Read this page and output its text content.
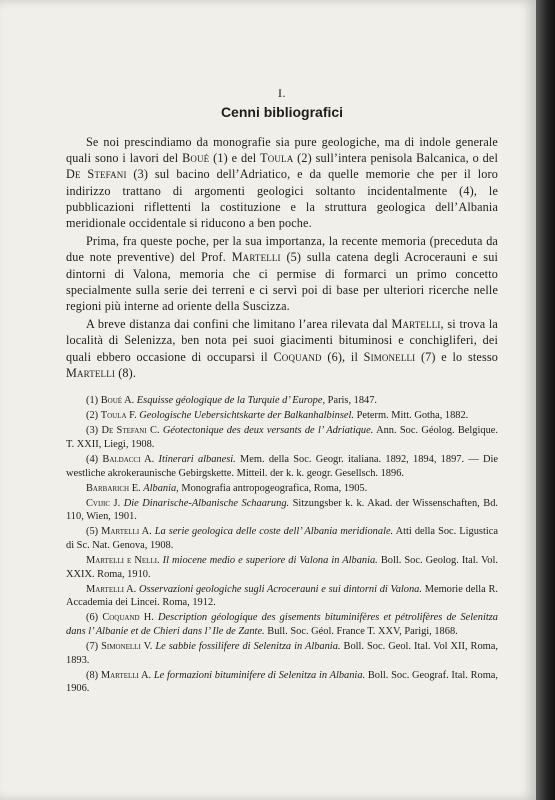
I.
Cenni bibliografici

Se noi prescindiamo da monografie sia pure geologiche, ma di indole generale quali sono i lavori del Boué (1) e del Toula (2) sull’intera penisola Balcanica, o del De Stefani (3) sul bacino dell’Adriatico, e da quelle memorie che per il loro indirizzo trattano di argomenti geologici soltanto incidentalmente (4), le pubblicazioni riflettenti la costituzione e la struttura geologica dell’Albania meridionale occidentale si riducono a ben poche.

Prima, fra queste poche, per la sua importanza, la recente memoria (preceduta da due note preventive) del Prof. Martelli (5) sulla catena degli Acrocerauni e sui dintorni di Valona, memoria che ci permise di formarci un primo concetto specialmente sulla serie dei terreni e ci servì poi di base per ulteriori ricerche nelle regioni più interne ad oriente della Suscizza.

A breve distanza dai confini che limitano l’area rilevata dal Martelli, si trova la località di Selenizza, ben nota pei suoi giacimenti bituminosi e conchigliferi, dei quali ebbero occasione di occuparsi il Coquand (6), il Simonelli (7) e lo stesso Martelli (8).

(1) Boué A. Esquisse géologique de la Turquie d’ Europe, Paris, 1847.
(2) Toula F. Geologische Uebersichtskarte der Balkanhalbinsel. Peterm. Mitt. Gotha, 1882.
(3) De Stefani C. Géotectonique des deux versants de l’ Adriatique. Ann. Soc. Géolog. Belgique. T. XXII, Liegi, 1908.
(4) Baldacci A. Itinerari albanesi. Mem. della Soc. Geogr. italiana. 1892, 1894, 1897. — Die westliche akrokeraunische Gebirgskette. Mitteil. der k. k. geogr. Gesellsch. 1896.
Barbarich E. Albania, Monografia antropogeografica, Roma, 1905.
Cvijic J. Die Dinarische-Albanische Schaarung. Sitzungsber k. k. Akad. der Wissenschaften, Bd. 110, Wien, 1901.
(5) Martelli A. La serie geologica delle coste dell’ Albania meridionale. Atti della Soc. Ligustica di Sc. Nat. Genova, 1908.
Martelli e Nelli. Il miocene medio e superiore di Valona in Albania. Boll. Soc. Geolog. Ital. Vol. XXIX. Roma, 1910.
Martelli A. Osservazioni geologiche sugli Acrocerauni e sui dintorni di Valona. Memorie della R. Accademia dei Lincei. Roma, 1912.
(6) Coquand H. Description géologique des gisements bituminifères et pétrolifères de Selenitza dans l’ Albanie et de Chieri dans l’ Ile de Zante. Bull. Soc. Géol. France T. XXV, Parigi, 1868.
(7) Simonelli V. Le sabbie fossilifere di Selenitza in Albania. Boll. Soc. Geol. Ital. Vol XII, Roma, 1893.
(8) Martelli A. Le formazioni bituminifere di Selenitza in Albania. Boll. Soc. Geograf. Ital. Roma, 1906.
